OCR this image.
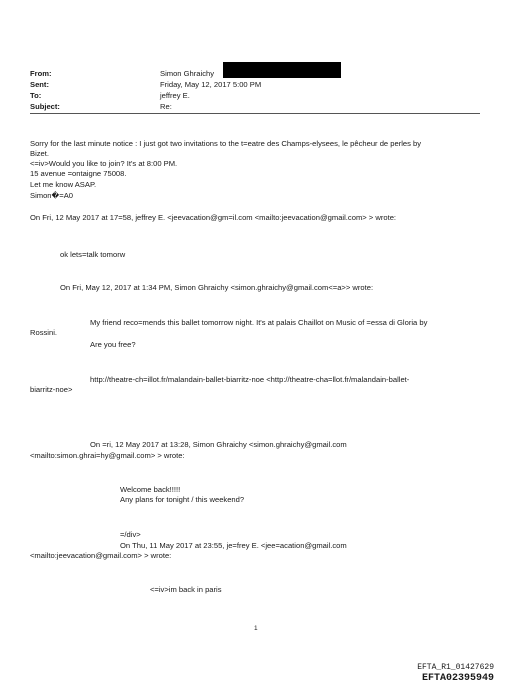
From:
Sent:
To:
Subject:
Simon Ghraichy
Friday, May 12, 2017 5:00 PM
jeffrey E.
Re:
Sorry for the last minute notice : I just got two invitations to the t=eatre des Champs-elysees, le pêcheur de perles by
Bizet.
<=iv>Would you like to join? It's at 8:00 PM.
15 avenue =ontaigne 75008.
Let me know ASAP.
Simon�=A0
On Fri, 12 May 2017 at 17=58, jeffrey E. <jeevacation@gm=il.com <mailto:jeevacation@gmail.com> > wrote:
ok lets=talk tomorw
On Fri, May 12, 2017 at 1:34 PM, Simon Ghraichy <simon.ghraichy@gmail.com<=a>> wrote:
My friend reco=mends this ballet tomorrow night. It's at palais Chaillot on Music of =essa di Gloria by
Rossini.
Are you free?
http://theatre-ch=illot.fr/malandain-ballet-biarritz-noe <http://theatre-cha=llot.fr/malandain-ballet-
biarritz-noe>
On =ri, 12 May 2017 at 13:28, Simon Ghraichy <simon.ghraichy@gmail.com
<mailto:simon.ghrai=hy@gmail.com> > wrote:
Welcome back!!!!!
Any plans for tonight / this weekend?
=/div>
On Thu, 11 May 2017 at 23:55, je=frey E. <jee=acation@gmail.com
<mailto:jeevacation@gmail.com> > wrote:
<=iv>im back in paris
1
EFTA_R1_01427629
EFTA02395949
